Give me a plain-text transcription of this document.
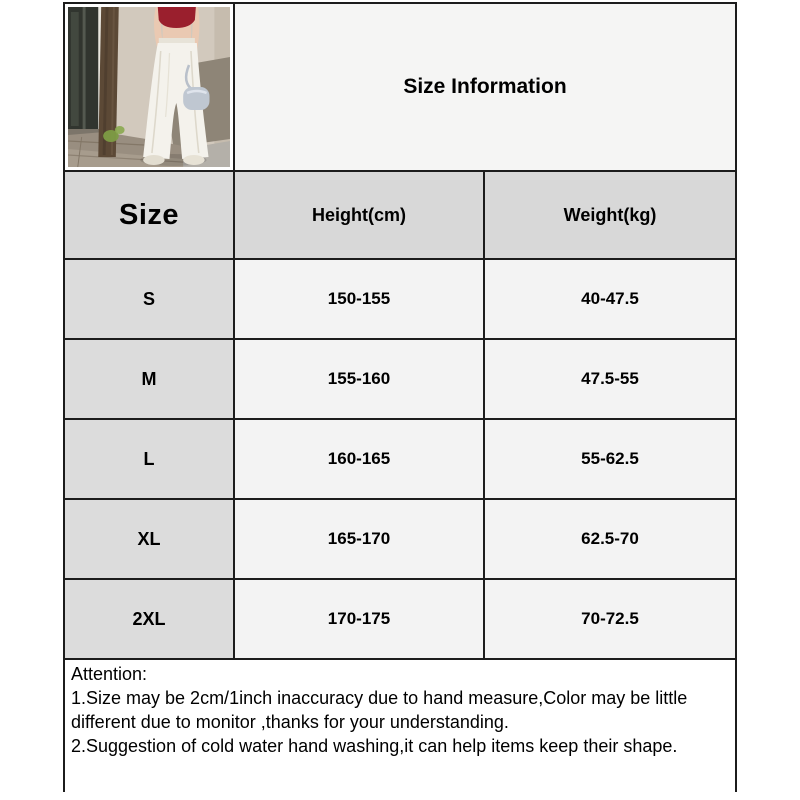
Size Information
Size	Height(cm)	Weight(kg)
S	150-155	40-47.5
M	155-160	47.5-55
L	160-165	55-62.5
XL	165-170	62.5-70
2XL	170-175	70-72.5
Attention:
1.Size may be 2cm/1inch inaccuracy due to hand measure,Color may be little
different due to monitor ,thanks for your understanding.
2.Suggestion of cold water hand washing,it can help items keep their shape.
